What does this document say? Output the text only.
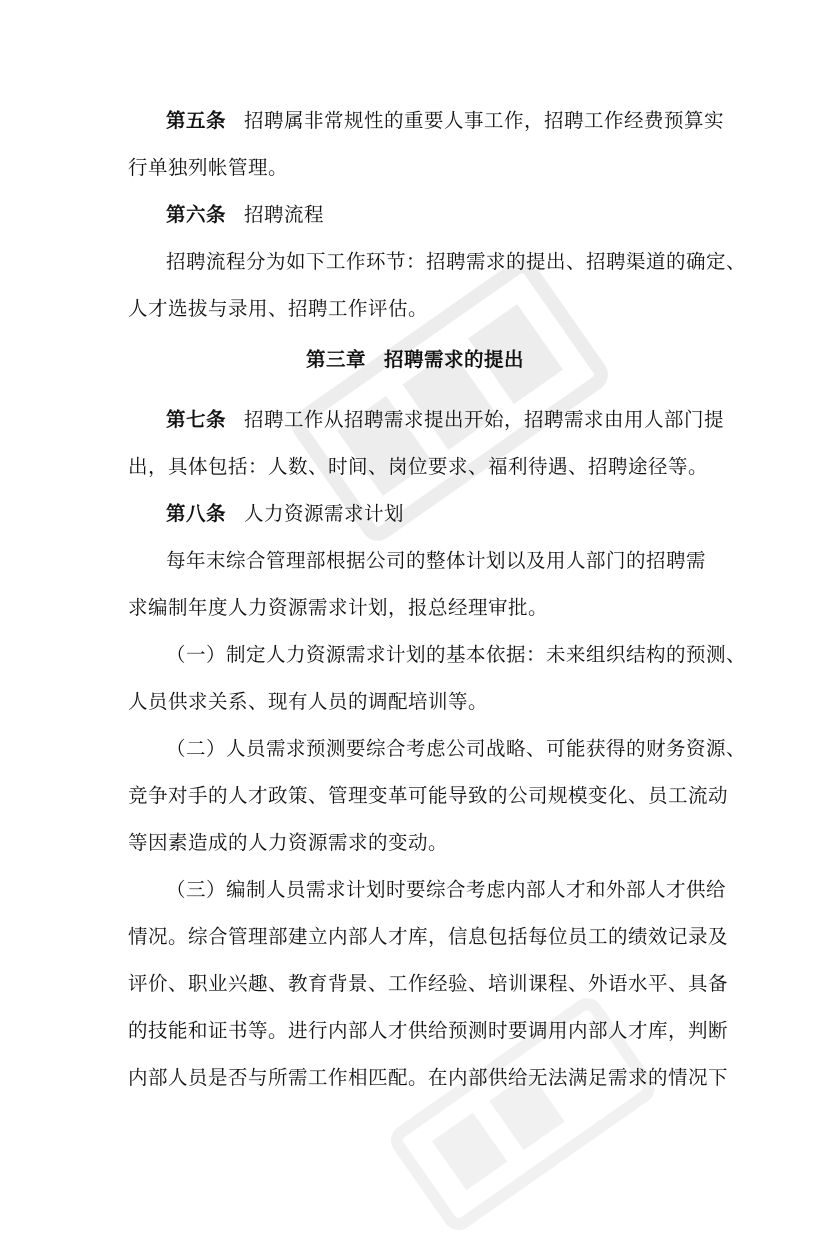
第五条 招聘属非常规性的重要人事工作，招聘工作经费预算实
行单独列帐管理。
第六条 招聘流程
招聘流程分为如下工作环节：招聘需求的提出、招聘渠道的确定、
人才选拔与录用、招聘工作评估。
第三章 招聘需求的提出
第七条 招聘工作从招聘需求提出开始，招聘需求由用人部门提
出，具体包括：人数、时间、岗位要求、福利待遇、招聘途径等。
第八条 人力资源需求计划
每年末综合管理部根据公司的整体计划以及用人部门的招聘需
求编制年度人力资源需求计划，报总经理审批。
（一）制定人力资源需求计划的基本依据：未来组织结构的预测、
人员供求关系、现有人员的调配培训等。
（二）人员需求预测要综合考虑公司战略、可能获得的财务资源、
竞争对手的人才政策、管理变革可能导致的公司规模变化、员工流动
等因素造成的人力资源需求的变动。
（三）编制人员需求计划时要综合考虑内部人才和外部人才供给
情况。综合管理部建立内部人才库，信息包括每位员工的绩效记录及
评价、职业兴趣、教育背景、工作经验、培训课程、外语水平、具备
的技能和证书等。进行内部人才供给预测时要调用内部人才库，判断
内部人员是否与所需工作相匹配。在内部供给无法满足需求的情况下
